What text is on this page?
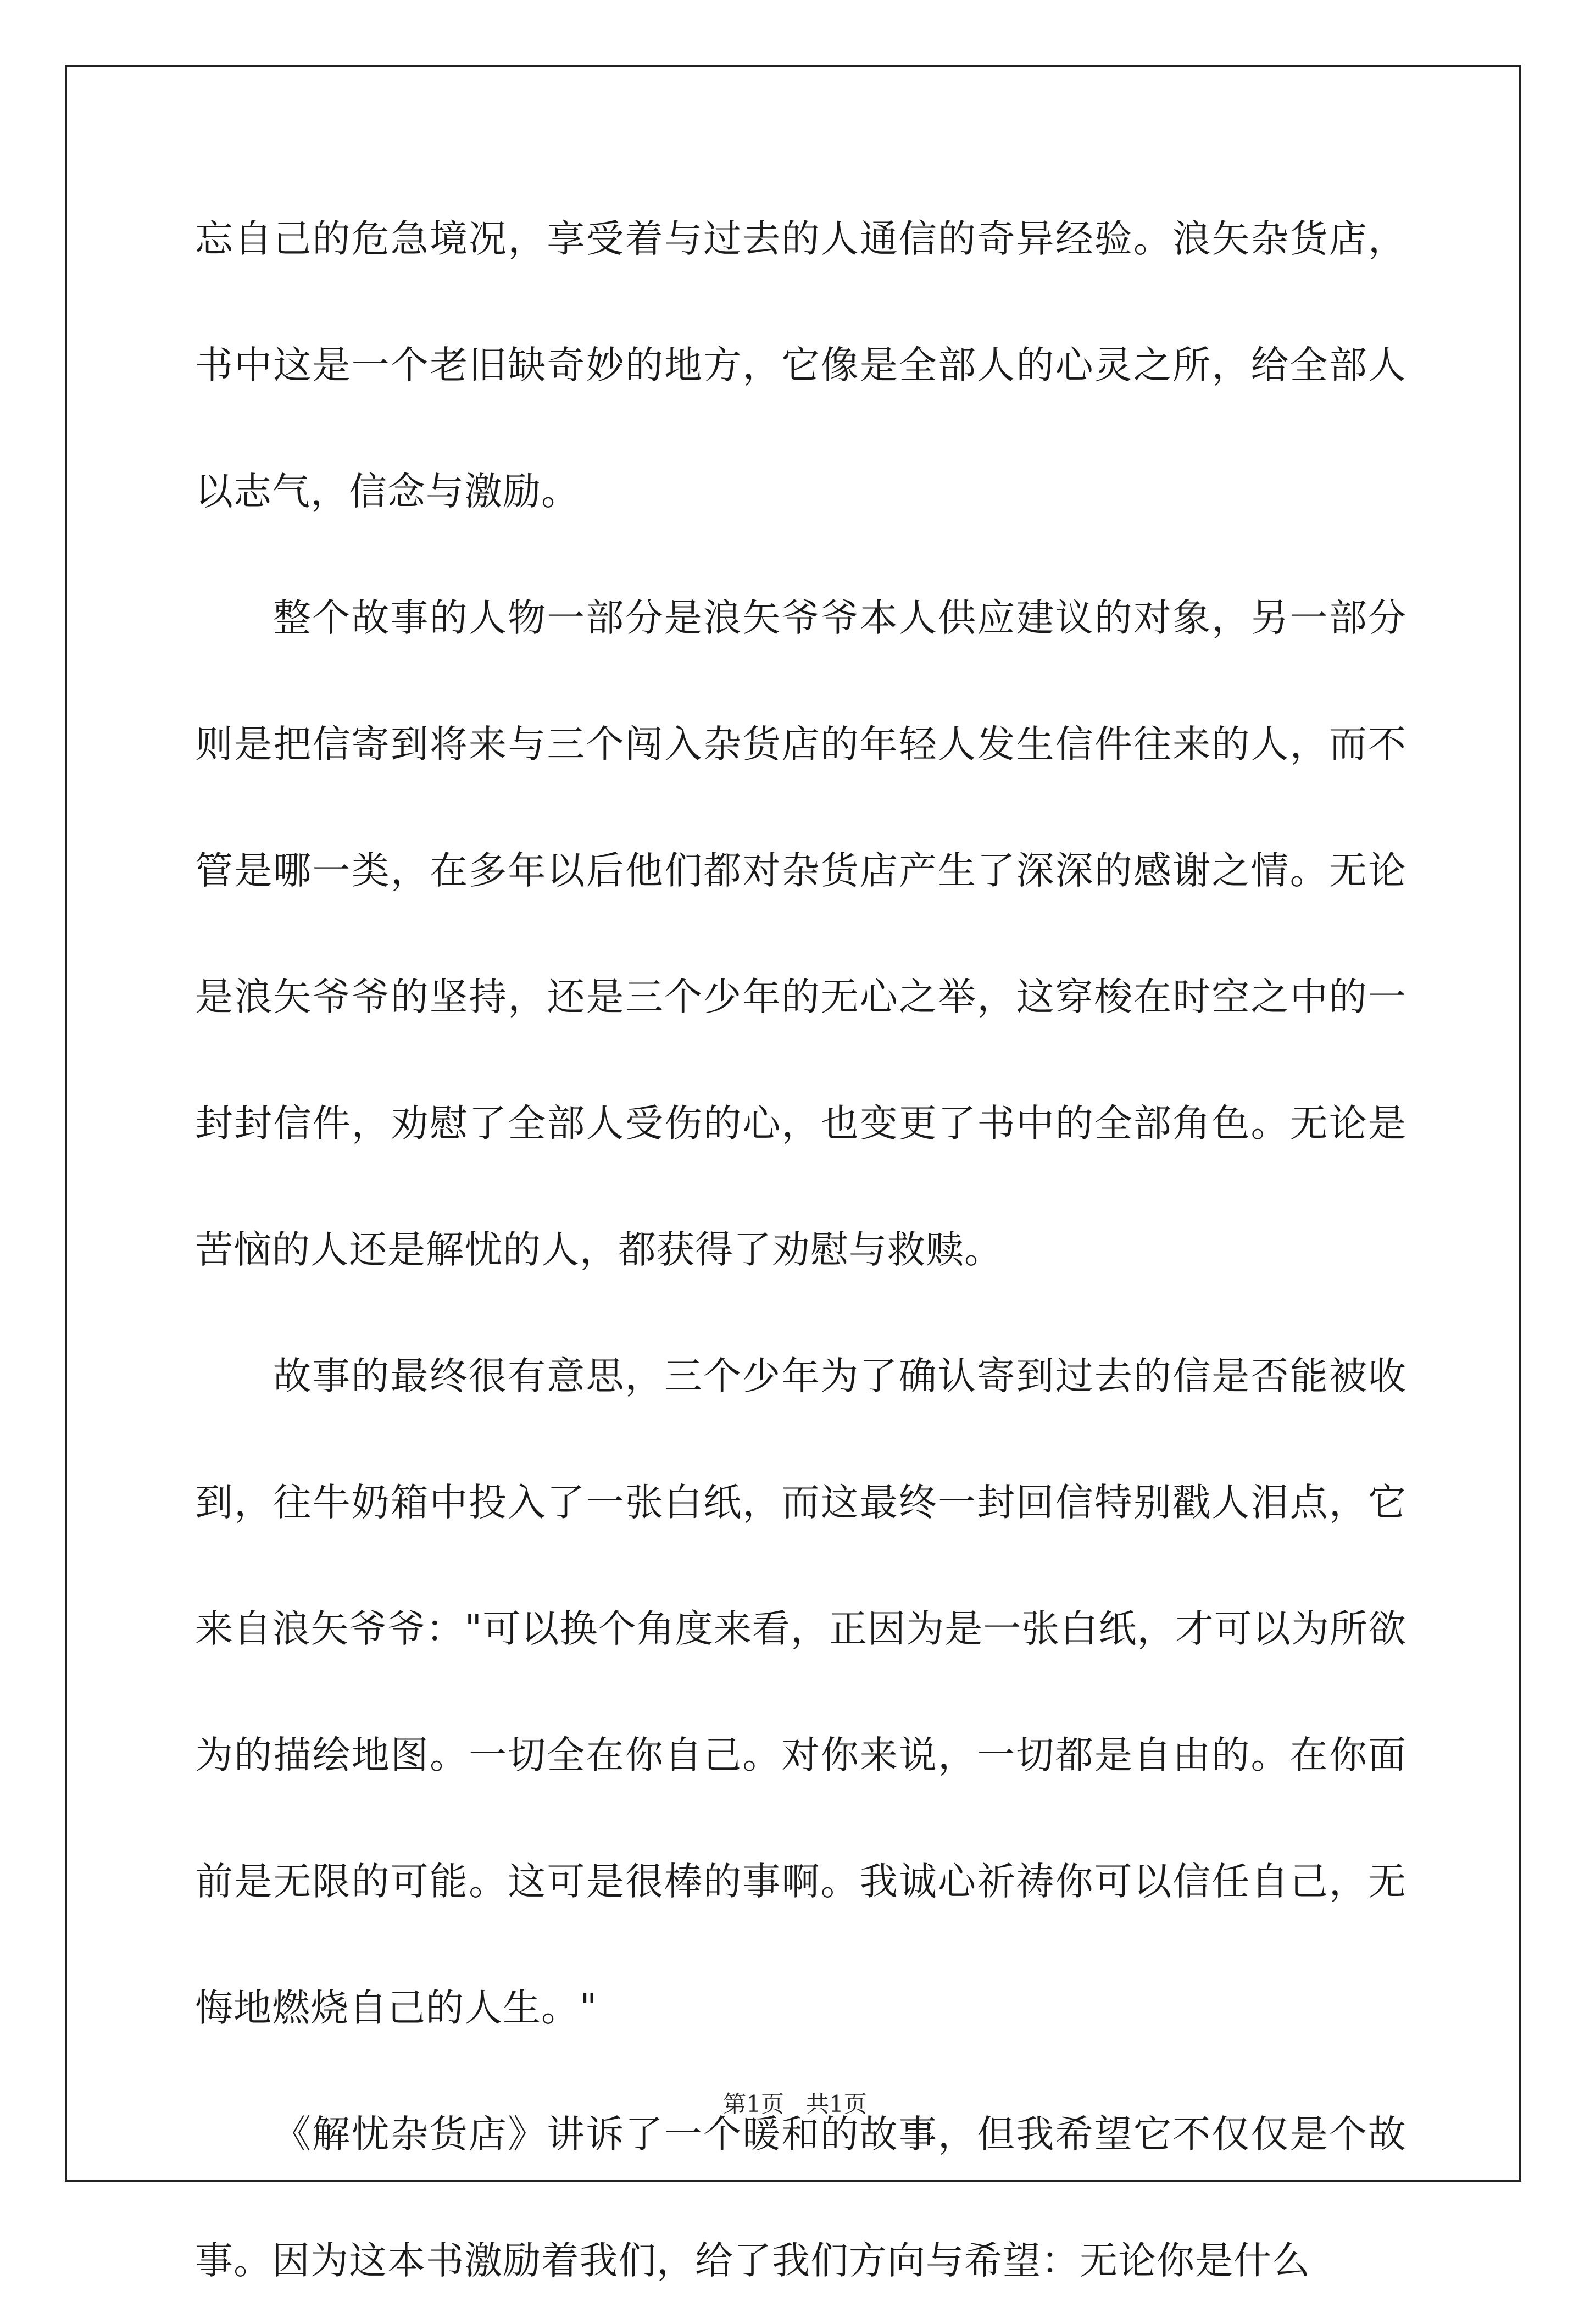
忘自己的危急境况，享受着与过去的人通信的奇异经验。浪矢杂货店，书中这是一个老旧缺奇妙的地方，它像是全部人的心灵之所，给全部人以志气，信念与激励。

整个故事的人物一部分是浪矢爷爷本人供应建议的对象，另一部分则是把信寄到将来与三个闯入杂货店的年轻人发生信件往来的人，而不管是哪一类，在多年以后他们都对杂货店产生了深深的感谢之情。无论是浪矢爷爷的坚持，还是三个少年的无心之举，这穿梭在时空之中的一封封信件，劝慰了全部人受伤的心，也变更了书中的全部角色。无论是苦恼的人还是解忧的人，都获得了劝慰与救赎。

故事的最终很有意思，三个少年为了确认寄到过去的信是否能被收到，往牛奶箱中投入了一张白纸，而这最终一封回信特别戳人泪点，它来自浪矢爷爷："可以换个角度来看，正因为是一张白纸，才可以为所欲为的描绘地图。一切全在你自己。对你来说，一切都是自由的。在你面前是无限的可能。这可是很棒的事啊。我诚心祈祷你可以信任自己，无悔地燃烧自己的人生。"

《解忧杂货店》讲诉了一个暖和的故事，但我希望它不仅仅是个故事。因为这本书激励着我们，给了我们方向与希望：无论你是什么

第1页 共1页
